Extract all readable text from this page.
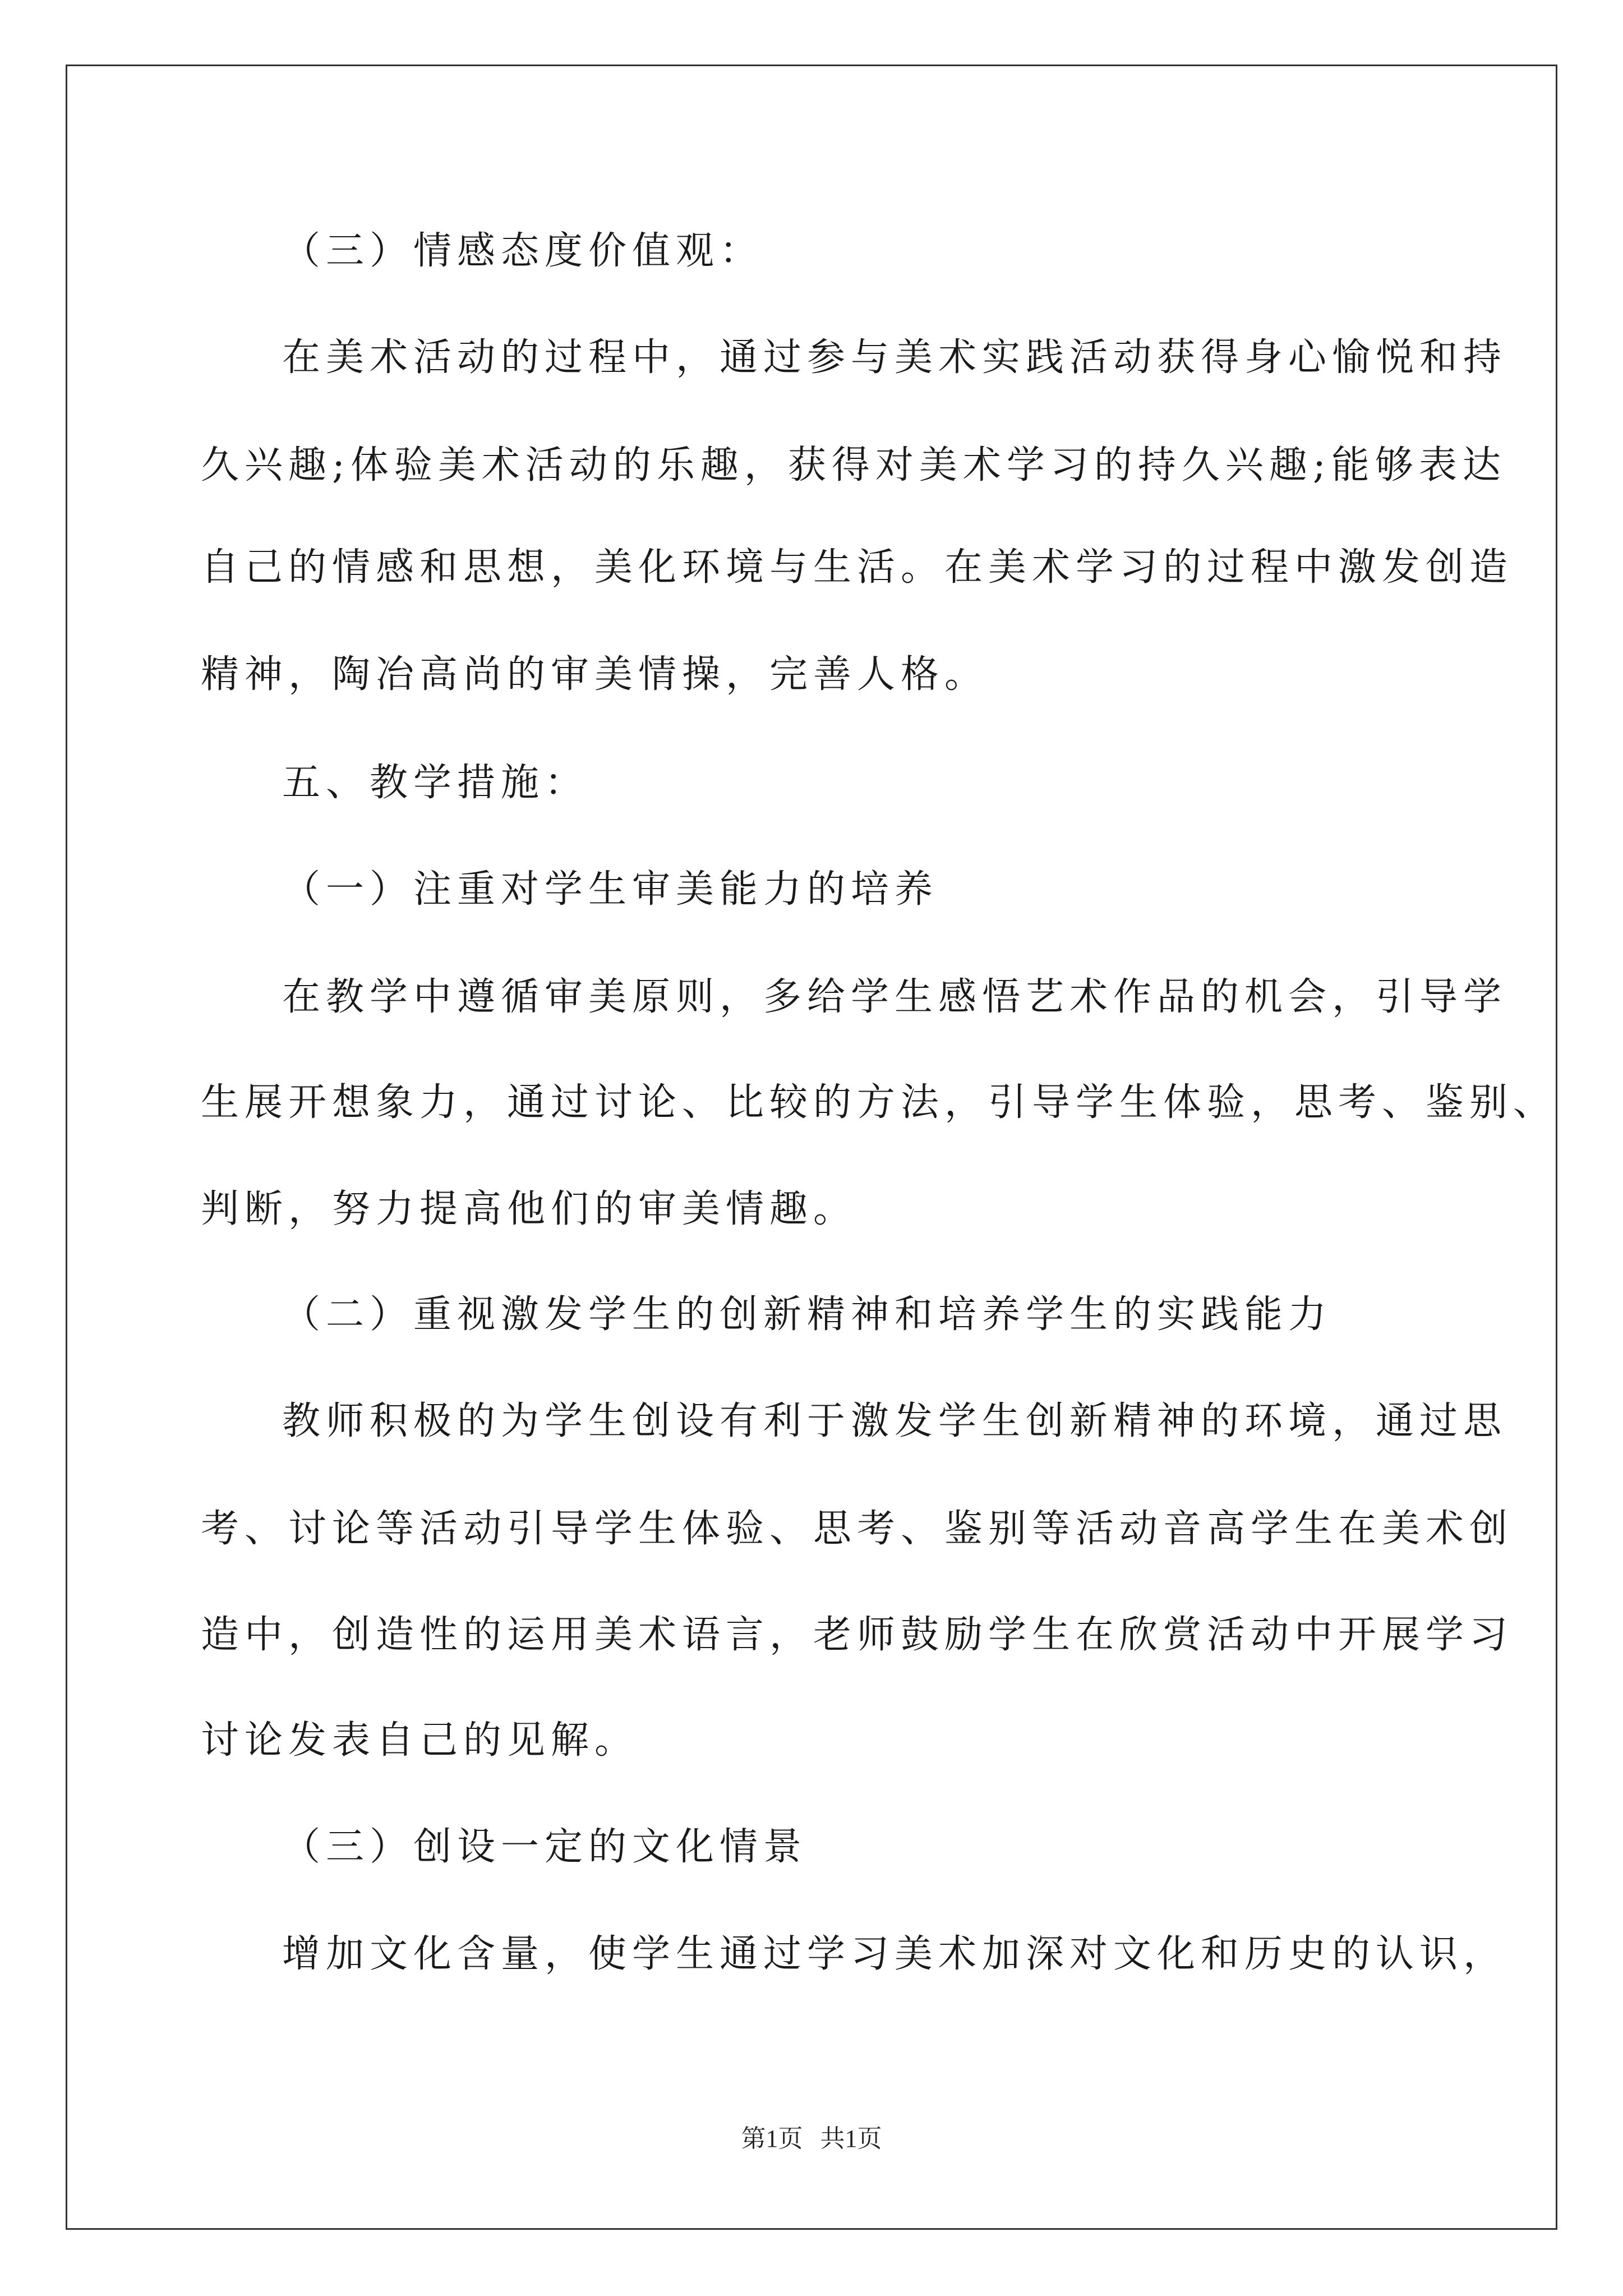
（三）情感态度价值观：
在美术活动的过程中，通过参与美术实践活动获得身心愉悦和持
久兴趣;体验美术活动的乐趣，获得对美术学习的持久兴趣;能够表达
自己的情感和思想，美化环境与生活。在美术学习的过程中激发创造
精神，陶冶高尚的审美情操，完善人格。
五、教学措施：
（一）注重对学生审美能力的培养
在教学中遵循审美原则，多给学生感悟艺术作品的机会，引导学
生展开想象力，通过讨论、比较的方法，引导学生体验，思考、鉴别、
判断，努力提高他们的审美情趣。
（二）重视激发学生的创新精神和培养学生的实践能力
教师积极的为学生创设有利于激发学生创新精神的环境，通过思
考、讨论等活动引导学生体验、思考、鉴别等活动音高学生在美术创
造中，创造性的运用美术语言，老师鼓励学生在欣赏活动中开展学习
讨论发表自己的见解。
（三）创设一定的文化情景
增加文化含量，使学生通过学习美术加深对文化和历史的认识，
第1页 共1页
